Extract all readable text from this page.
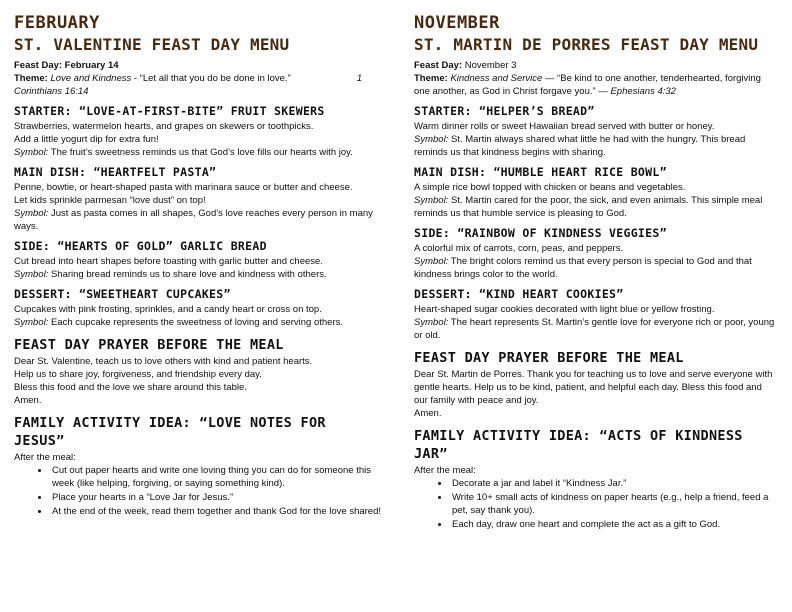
FEBRUARY
ST. VALENTINE FEAST DAY MENU

Feast Day: February 14

Theme: Love and Kindness - “Let all that you do be done in love.”	1

Corinthians 16:14

STARTER: “LOVE-AT-FIRST-BITE” FRUIT SKEWERS

Strawberries, watermelon hearts, and grapes on skewers or toothpicks.

Add a little yogurt dip for extra fun!

Symbol: The fruit’s sweetness reminds us that God’s love fills our hearts with joy.

MAIN DISH: “HEARTFELT PASTA”

Penne, bowtie, or heart-shaped pasta with marinara sauce or butter and cheese.

Let kids sprinkle parmesan “love dust” on top!

Symbol: Just as pasta comes in all shapes, God’s love reaches every person in many ways.

SIDE: “HEARTS OF GOLD” GARLIC BREAD

Cut bread into heart shapes before toasting with garlic butter and cheese.

Symbol: Sharing bread reminds us to share love and kindness with others.

DESSERT: “SWEETHEART CUPCAKES”

Cupcakes with pink frosting, sprinkles, and a candy heart or cross on top.

Symbol: Each cupcake represents the sweetness of loving and serving others.

FEAST DAY PRAYER BEFORE THE MEAL

Dear St. Valentine, teach us to love others with kind and patient hearts.

Help us to share joy, forgiveness, and friendship every day.

Bless this food and the love we share around this table.

Amen.

FAMILY ACTIVITY IDEA: “LOVE NOTES FOR JESUS”

After the meal:

• Cut out paper hearts and write one loving thing you can do for someone this week (like helping, forgiving, or saying something kind).
• Place your hearts in a “Love Jar for Jesus.”
• At the end of the week, read them together and thank God for the love shared!
NOVEMBER
ST. MARTIN DE PORRES FEAST DAY MENU

Feast Day: November 3

Theme: Kindness and Service — “Be kind to one another, tenderhearted, forgiving one another, as God in Christ forgave you.” — Ephesians 4:32

STARTER: “HELPER’S BREAD”

Warm dinner rolls or sweet Hawaiian bread served with butter or honey.

Symbol: St. Martin always shared what little he had with the hungry. This bread reminds us that kindness begins with sharing.

MAIN DISH: “HUMBLE HEART RICE BOWL”

A simple rice bowl topped with chicken or beans and vegetables.

Symbol: St. Martin cared for the poor, the sick, and even animals. This simple meal reminds us that humble service is pleasing to God.

SIDE: “RAINBOW OF KINDNESS VEGGIES”

A colorful mix of carrots, corn, peas, and peppers.

Symbol: The bright colors remind us that every person is special to God and that kindness brings color to the world.

DESSERT: “KIND HEART COOKIES”

Heart-shaped sugar cookies decorated with light blue or yellow frosting.

Symbol: The heart represents St. Martin’s gentle love for everyone rich or poor, young or old.

FEAST DAY PRAYER BEFORE THE MEAL

Dear St. Martin de Porres. Thank you for teaching us to love and serve everyone with gentle hearts. Help us to be kind, patient, and helpful each day. Bless this food and our family with peace and joy.

Amen.

FAMILY ACTIVITY IDEA: “ACTS OF KINDNESS JAR”

After the meal:

• Decorate a jar and label it “Kindness Jar.”
• Write 10+ small acts of kindness on paper hearts (e.g., help a friend, feed a pet, say thank you).
• Each day, draw one heart and complete the act as a gift to God.
